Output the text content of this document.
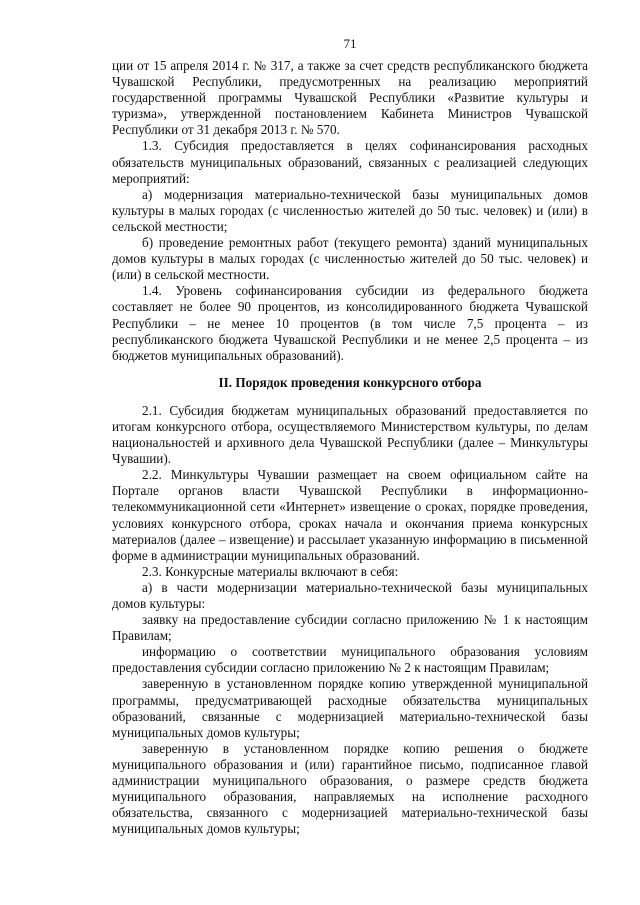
71

ции от 15 апреля 2014 г. № 317, а также за счет средств республиканского бюджета Чувашской Республики, предусмотренных на реализацию мероприятий государственной программы Чувашской Республики «Развитие культуры и туризма», утвержденной постановлением Кабинета Министров Чувашской Республики от 31 декабря 2013 г. № 570.

1.3. Субсидия предоставляется в целях софинансирования расходных обязательств муниципальных образований, связанных с реализацией следующих мероприятий:

а) модернизация материально-технической базы муниципальных домов культуры в малых городах (с численностью жителей до 50 тыс. человек) и (или) в сельской местности;

б) проведение ремонтных работ (текущего ремонта) зданий муниципальных домов культуры в малых городах (с численностью жителей до 50 тыс. человек) и (или) в сельской местности.

1.4. Уровень софинансирования субсидии из федерального бюджета составляет не более 90 процентов, из консолидированного бюджета Чувашской Республики – не менее 10 процентов (в том числе 7,5 процента – из республиканского бюджета Чувашской Республики и не менее 2,5 процента – из бюджетов муниципальных образований).

II. Порядок проведения конкурсного отбора

2.1. Субсидия бюджетам муниципальных образований предоставляется по итогам конкурсного отбора, осуществляемого Министерством культуры, по делам национальностей и архивного дела Чувашской Республики (далее – Минкультуры Чувашии).

2.2. Минкультуры Чувашии размещает на своем официальном сайте на Портале органов власти Чувашской Республики в информационно-телекоммуникационной сети «Интернет» извещение о сроках, порядке проведения, условиях конкурсного отбора, сроках начала и окончания приема конкурсных материалов (далее – извещение) и рассылает указанную информацию в письменной форме в администрации муниципальных образований.

2.3. Конкурсные материалы включают в себя:

а) в части модернизации материально-технической базы муниципальных домов культуры:

заявку на предоставление субсидии согласно приложению № 1 к настоящим Правилам;

информацию о соответствии муниципального образования условиям предоставления субсидии согласно приложению № 2 к настоящим Правилам;

заверенную в установленном порядке копию утвержденной муниципальной программы, предусматривающей расходные обязательства муниципальных образований, связанные с модернизацией материально-технической базы муниципальных домов культуры;

заверенную в установленном порядке копию решения о бюджете муниципального образования и (или) гарантийное письмо, подписанное главой администрации муниципального образования, о размере средств бюджета муниципального образования, направляемых на исполнение расходного обязательства, связанного с модернизацией материально-технической базы муниципальных домов культуры;
